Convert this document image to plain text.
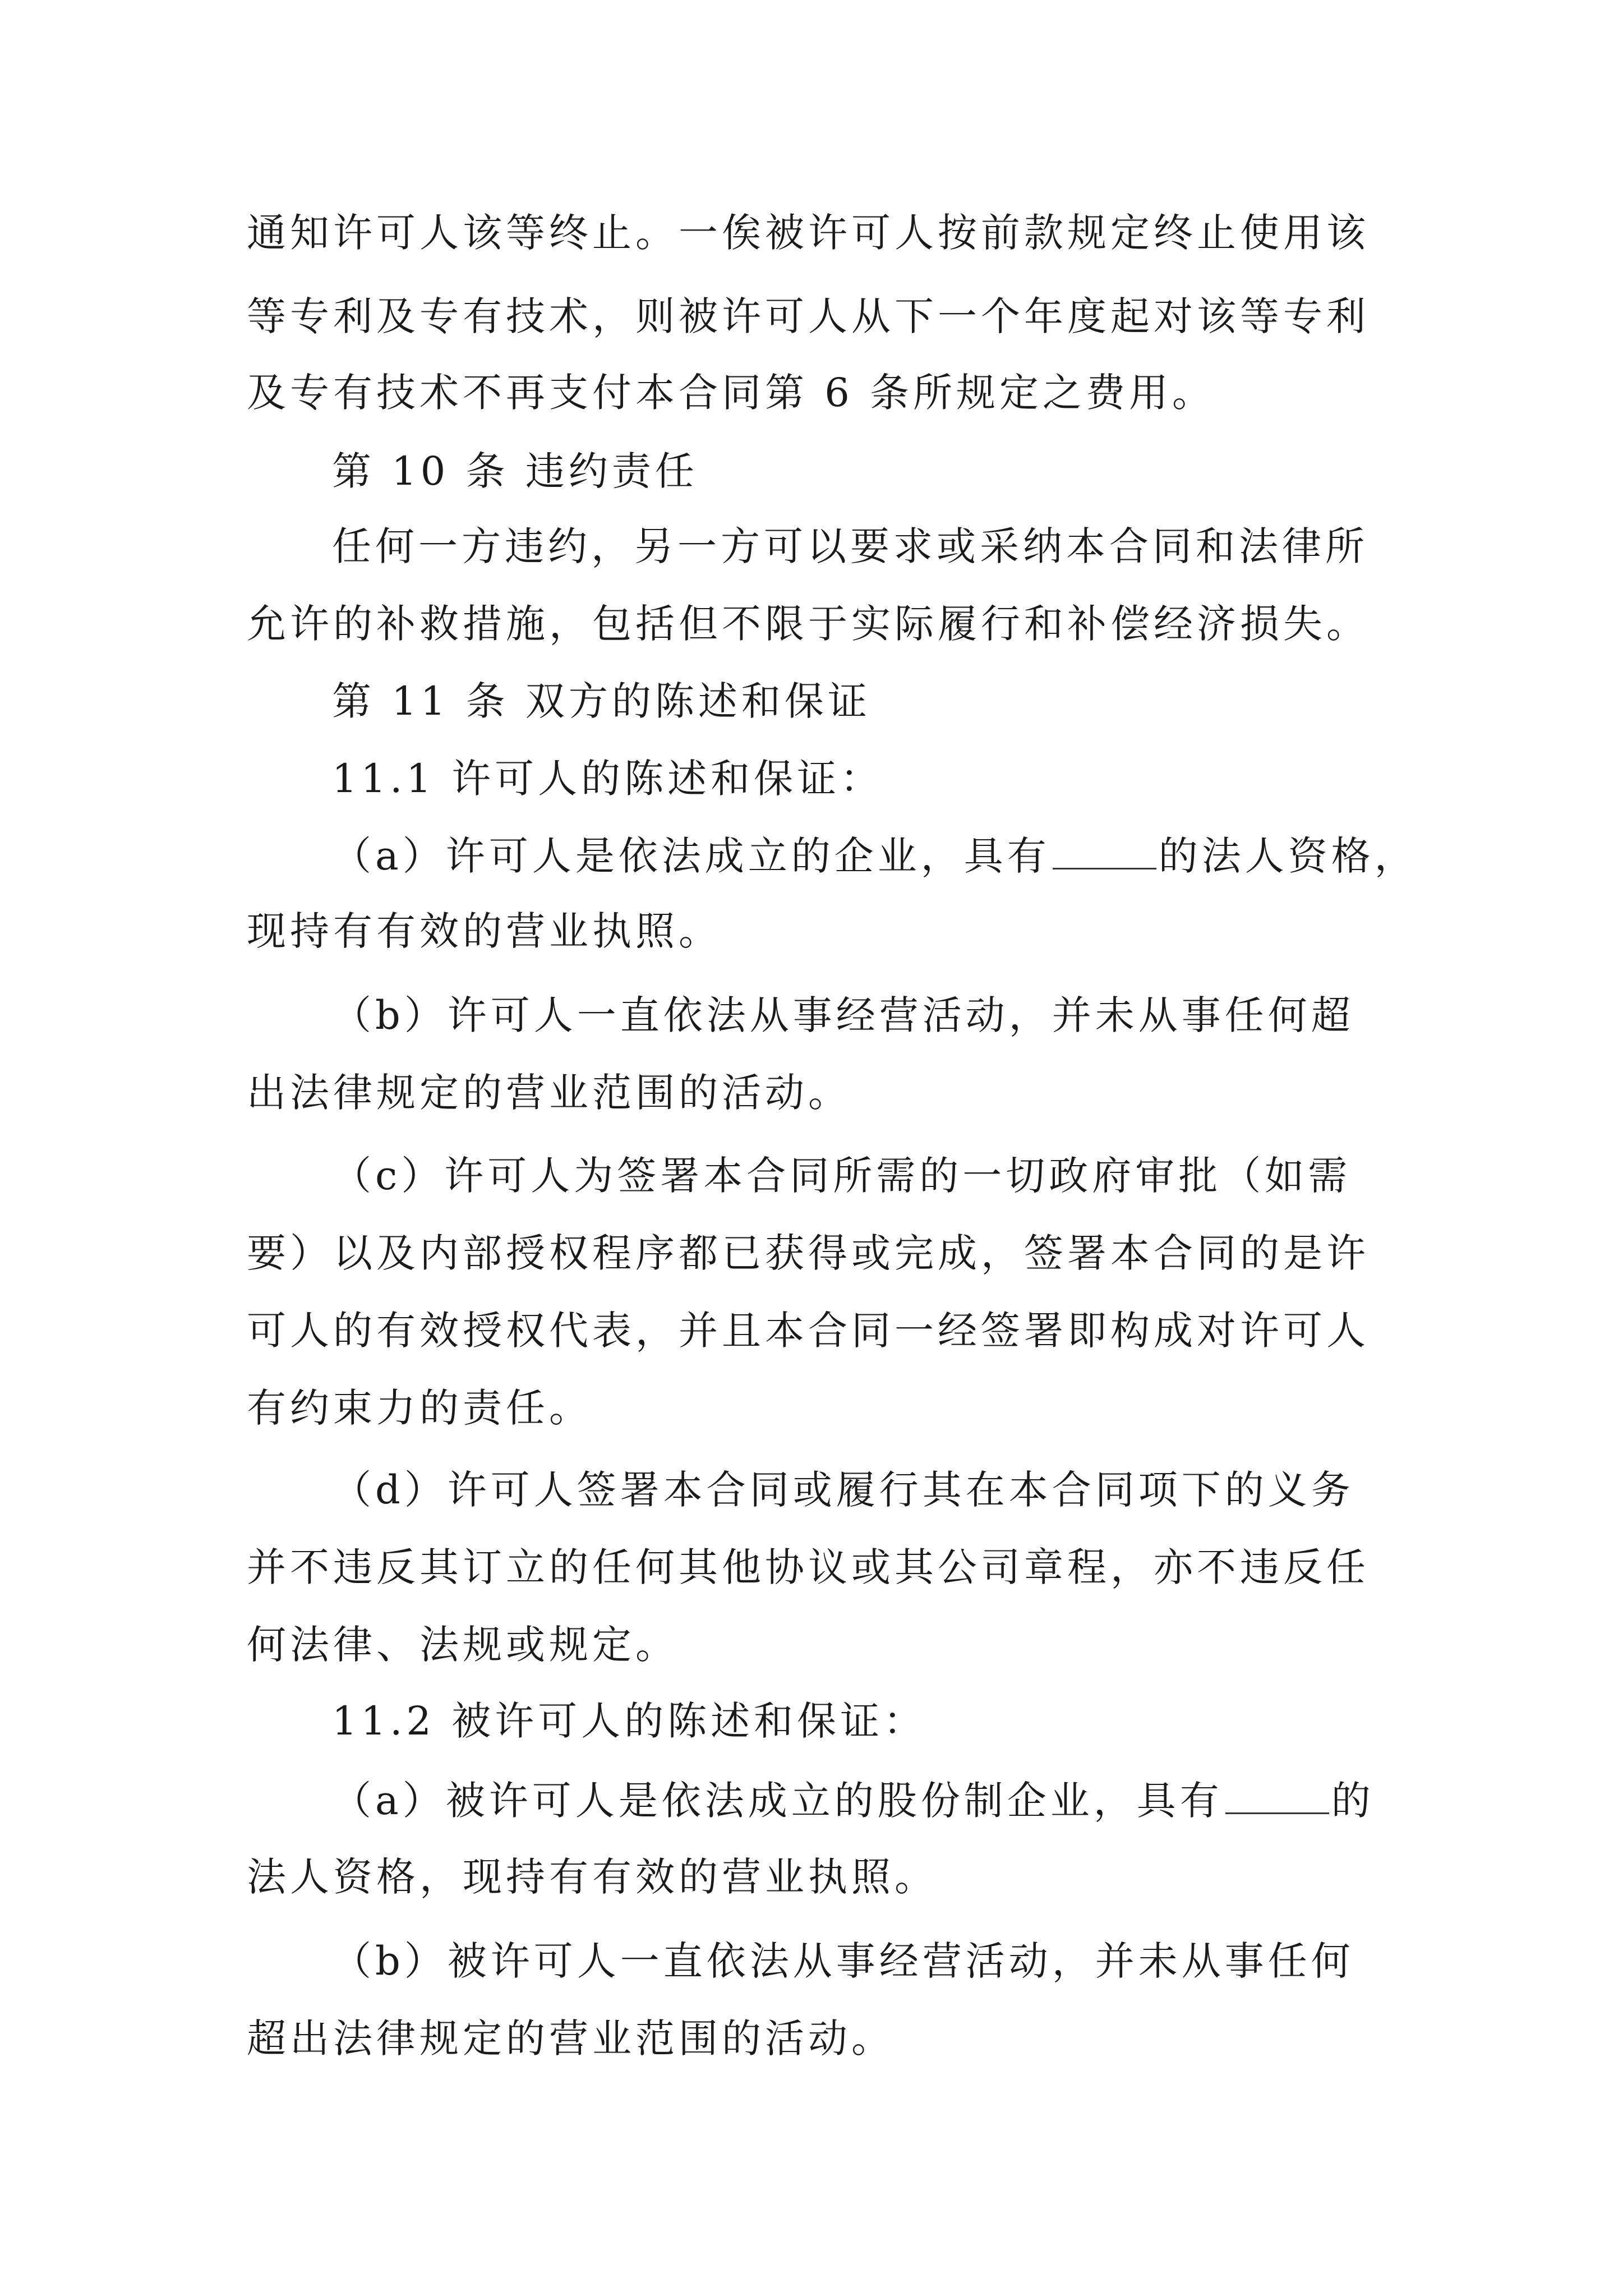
通知许可人该等终止。一俟被许可人按前款规定终止使用该
等专利及专有技术，则被许可人从下一个年度起对该等专利
及专有技术不再支付本合同第 6 条所规定之费用。
第 10 条 违约责任
任何一方违约，另一方可以要求或采纳本合同和法律所
允许的补救措施，包括但不限于实际履行和补偿经济损失。
第 11 条 双方的陈述和保证
11.1 许可人的陈述和保证：
（a）许可人是依法成立的企业，具有	的法人资格，
现持有有效的营业执照。
（b）许可人一直依法从事经营活动，并未从事任何超
出法律规定的营业范围的活动。
（c）许可人为签署本合同所需的一切政府审批（如需
要）以及内部授权程序都已获得或完成，签署本合同的是许
可人的有效授权代表，并且本合同一经签署即构成对许可人
有约束力的责任。
（d）许可人签署本合同或履行其在本合同项下的义务
并不违反其订立的任何其他协议或其公司章程，亦不违反任
何法律、法规或规定。
11.2 被许可人的陈述和保证：
（a）被许可人是依法成立的股份制企业，具有	的
法人资格，现持有有效的营业执照。
（b）被许可人一直依法从事经营活动，并未从事任何
超出法律规定的营业范围的活动。
